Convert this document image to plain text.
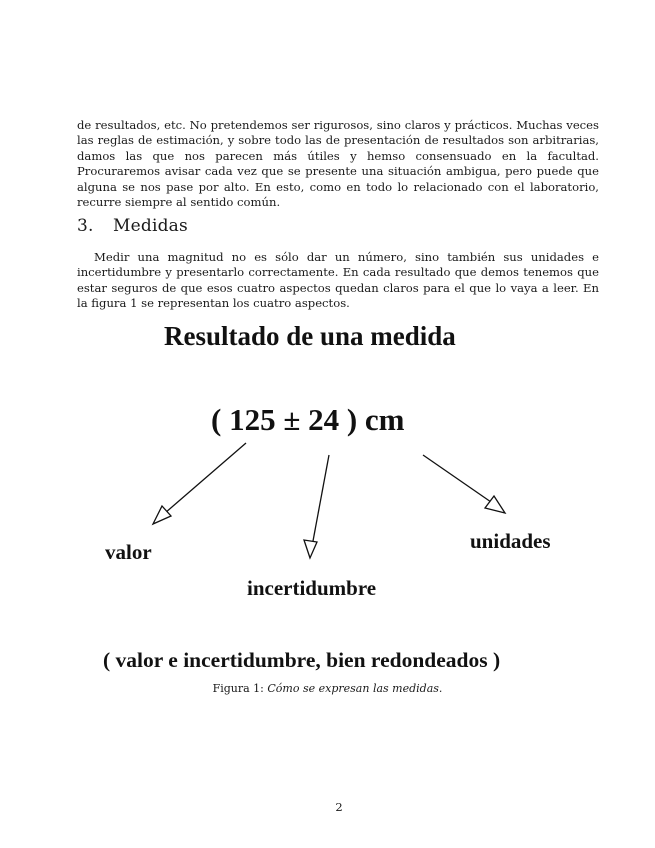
de resultados, etc. No pretendemos ser rigurosos, sino claros y prácticos. Muchas veces las reglas de estimación, y sobre todo las de presentación de resultados son arbitrarias, damos las que nos parecen más útiles y hemso consensuado en la facultad. Procuraremos avisar cada vez que se presente una situación ambigua, pero puede que alguna se nos pase por alto. En esto, como en todo lo relacionado con el laboratorio, recurre siempre al sentido común.

3. Medidas

Medir una magnitud no es sólo dar un número, sino también sus unidades e incertidumbre y presentarlo correctamente. En cada resultado que demos tenemos que estar seguros de que esos cuatro aspectos quedan claros para el que lo vaya a leer. En la figura 1 se representan los cuatro aspectos.

Resultado de una medida
( 125 ± 24 ) cm
valor	unidades
incertidumbre
( valor e incertidumbre, bien redondeados )
Figura 1: Cómo se expresan las medidas.
2
